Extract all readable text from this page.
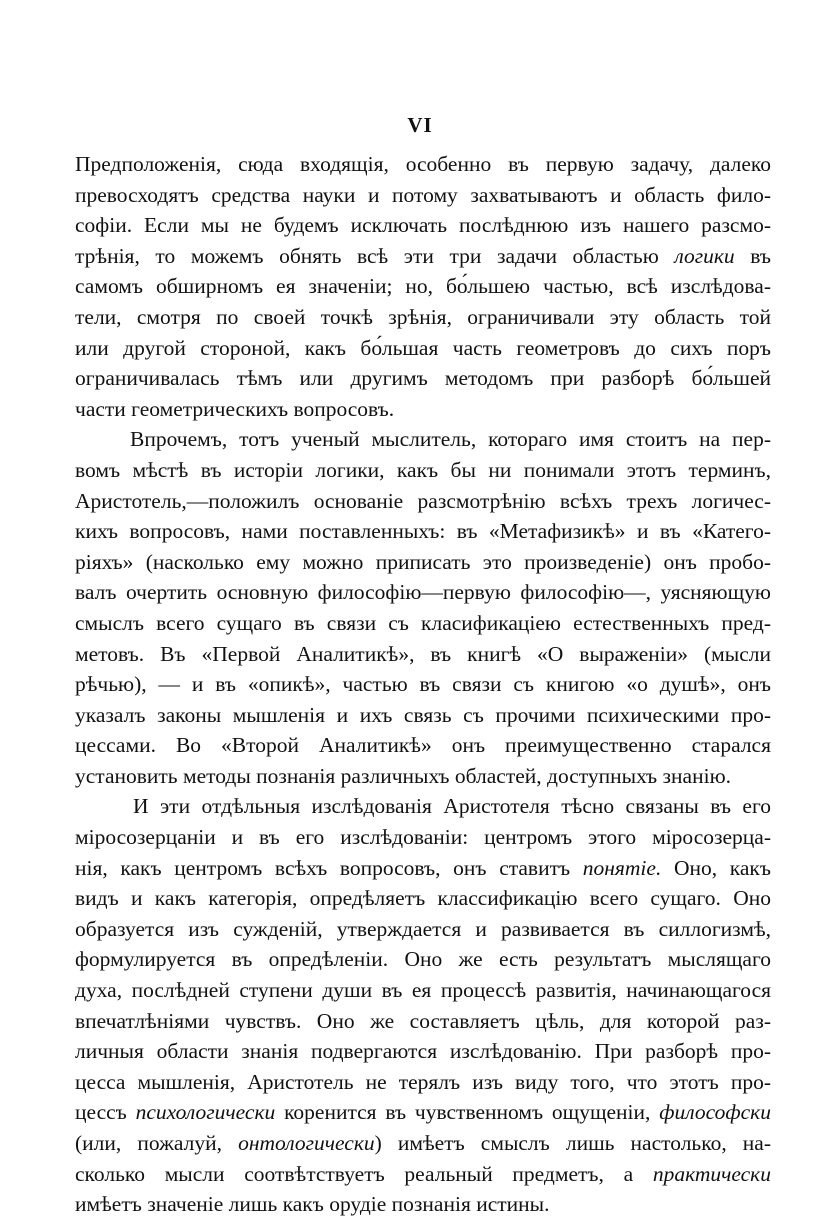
VI
Предположенія, сюда входящія, особенно въ первую задачу, далеко
превосходятъ средства науки и потому захватываютъ и область фило-
софіи. Если мы не будемъ исключать послѣднюю изъ нашего разсмо-
трѣнія, то можемъ обнять всѣ эти три задачи областью логики въ
самомъ обширномъ ея значеніи; но, бо́льшею частью, всѣ изслѣдова-
тели, смотря по своей точкѣ зрѣнія, ограничивали эту область той
или другой стороной, какъ бо́льшая часть геометровъ до сихъ поръ
ограничивалась тѣмъ или другимъ методомъ при разборѣ бо́льшей
части геометрическихъ вопросовъ.
Впрочемъ, тотъ ученый мыслитель, котораго имя стоитъ на пер-
вомъ мѣстѣ въ исторіи логики, какъ бы ни понимали этотъ терминъ,
Аристотель,—положилъ основаніе разсмотрѣнію всѣхъ трехъ логичес-
кихъ вопросовъ, нами поставленныхъ: въ «Метафизикѣ» и въ «Катего-
ріяхъ» (насколько ему можно приписать это произведеніе) онъ пробо-
валъ очертить основную философію—первую философію—, уясняющую
смыслъ всего сущаго въ связи съ класификаціею естественныхъ пред-
метовъ. Въ «Первой Аналитикѣ», въ книгѣ «О выраженіи» (мысли
рѣчью), — и въ «опикѣ», частью въ связи съ книгою «о душѣ», онъ
указалъ законы мышленія и ихъ связь съ прочими психическими про-
цессами. Во «Второй Аналитикѣ» онъ преимущественно старался
установить методы познанія различныхъ областей, доступныхъ знанію.
И эти отдѣльныя изслѣдованія Аристотеля тѣсно связаны въ его
міросозерцаніи и въ его изслѣдованіи: центромъ этого міросозерца-
нія, какъ центромъ всѣхъ вопросовъ, онъ ставитъ понятіе. Оно, какъ
видъ и какъ категорія, опредѣляетъ классификацію всего сущаго. Оно
образуется изъ сужденій, утверждается и развивается въ силлогизмѣ,
формулируется въ опредѣленіи. Оно же есть результатъ мыслящаго
духа, послѣдней ступени души въ ея процессѣ развитія, начинающагося
впечатлѣніями чувствъ. Оно же составляетъ цѣль, для которой раз-
личныя области знанія подвергаются изслѣдованію. При разборѣ про-
цесса мышленія, Аристотель не терялъ изъ виду того, что этотъ про-
цессъ психологически коренится въ чувственномъ ощущеніи, философски
(или, пожалуй, онтологически) имѣетъ смыслъ лишь настолько, на-
сколько мысли соотвѣтствуетъ реальный предметъ, а практически
имѣетъ значеніе лишь какъ орудіе познанія истины.
